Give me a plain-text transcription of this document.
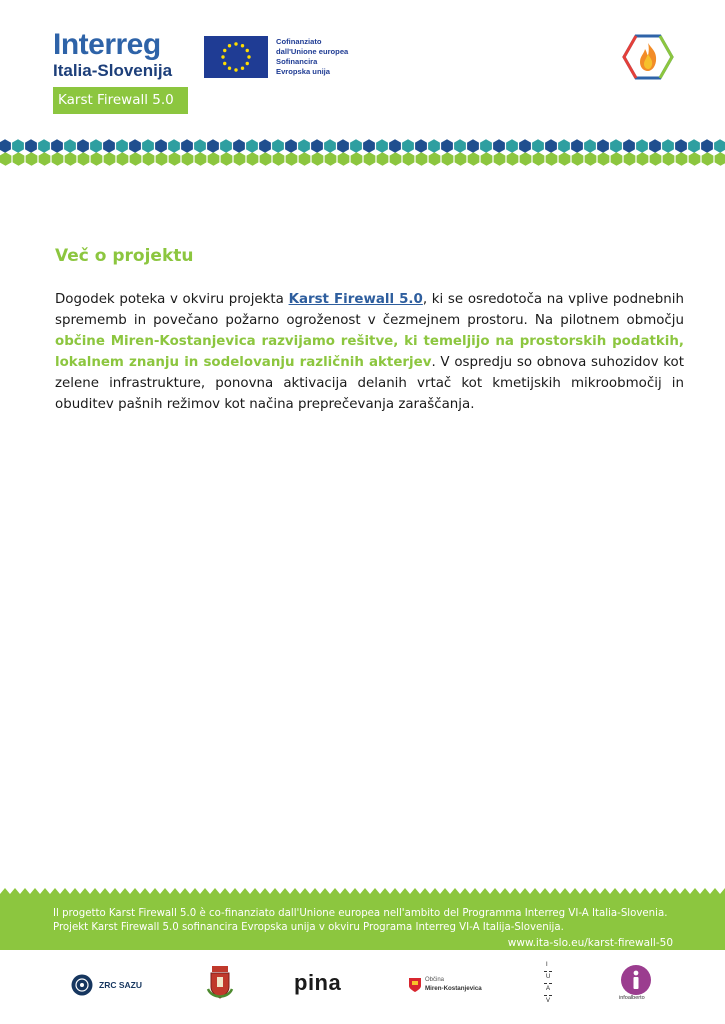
Interreg
Italia-Slovenija
Cofinanziato
dall'Unione europea
Sofinancira
Evropska unija
Karst Firewall 5.0
Več o projektu

Dogodek poteka v okviru projekta Karst Firewall 5.0, ki se osredotoča na vplive podnebnih sprememb in povečano požarno ogroženost v čezmejnem prostoru. Na pilotnem območju občine Miren-Kostanjevica razvijamo rešitve, ki temeljijo na prostorskih podatkih, lokalnem znanju in sodelovanju različnih akterjev. V ospredju so obnova suhozidov kot zelene infrastrukture, ponovna aktivacija delanih vrtač kot kmetijskih mikroobmočij in obuditev pašnih režimov kot načina preprečevanja zaraščanja.

Il progetto Karst Firewall 5.0 è co-finanziato dall'Unione europea nell'ambito del Programma Interreg VI-A Italia-Slovenia.
Projekt Karst Firewall 5.0 sofinancira Evropska unija v okviru Programa Interreg VI-A Italija-Slovenija.
www.ita-slo.eu/karst-firewall-50
ZRC SAZU	pina	Občina
Miren-Kostanjevica
I
U
A
V	infoalberto
